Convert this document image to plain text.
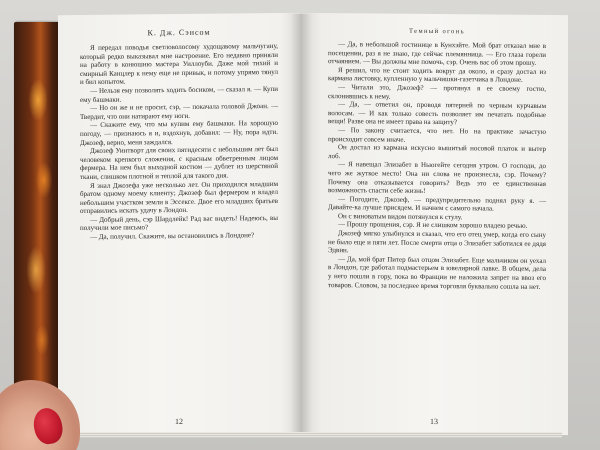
К. Дж. Сэнсом

Я передал поводья светловолосому худощавому мальчугану, который редко выказывал мне настроение. Его недавно приняли на работу в конюшню мастера Уиллоуби. Даже мой тихий и смирный Канцлер к нему еще не привык, и потому упрямо тянул и бил копытом.

— Нельзя ему позволять ходить босиком, — сказал я. — Купи ему башмаки.

— Но он же и не просит, сэр, — покачала головой Джоан. — Твердит, что они натирают ему ноги.

— Скажите ему, что мы купим ему башмаки. На хорошую погоду, — признаюсь я и, вздохнув, добавил: — Ну, пора идти. Джозеф, верно, меня заждался.

Джозеф Уинтворт для своих пятидесяти с небольшим лет был человеком крепкого сложения, с красным обветренным лицом фермера. На нем был выходной костюм — дублет из шерстяной ткани, слишком плотной и теплой для такого дня.

Я знал Джозефа уже несколько лет. Он приходился младшим братом одному моему клиенту; Джозеф был фермером и владел небольшим участком земли в Эссексе. Двое его младших братьев отправились искать удачу в Лондон.

— Добрый день, сэр Шардлейк! Рад вас видеть! Надеюсь, вы получили мое письмо?

— Да, получил. Скажите, вы остановились в Лондоне?

12
Темный огонь

— Да, в небольшой гостинице в Кунхэйте. Мой брат отказал мне в посещении, раз я не знаю, где сейчас племянница. — Его глаза горели отчаянием. — Вы должны мне помочь, сэр. Очень вас об этом прошу.

Я решил, что не стоит ходить вокруг да около, и сразу достал из кармана листовку, купленную у мальчишки-газетчика в Лондоне.

— Читали это, Джозеф? — протянул я ее своему гостю, склонившись к нему.

— Да, — ответил он, проводя пятерней по черным курчавым волосам. — И как только совесть позволяет им печатать подобные вещи! Разве она не имеет права на защиту?

— По закону считается, что нет. Но на практике зачастую происходит совсем иначе.

Он достал из кармана искусно вышитый носовой платок и вытер лоб.

— Я навещал Элизабет в Ньюгейте сегодня утром. О господи, до чего же жуткое место! Она ни слова не произнесла, сэр. Почему? Почему она отказывается говорить? Ведь это ее единственная возможность спасти себе жизнь!

— Погодите, Джозеф, — предупредительно поднял руку я. — Давайте-ка лучше присядем. И начнем с самого начала.

Он с виноватым видом потянулся к стулу.

— Прошу прощения, сэр. Я не слишком хорошо владею речью.

Джозеф мягко улыбнулся и сказал, что его отец умер, когда его сыну не было еще и пяти лет. После смерти отца о Элизабет заботился ее дядя Эдвин.

— Да, мой брат Питер был отцом Элизабет. Еще мальчиком он уехал в Лондон, где работал подмастерьем в ювелирной лавке. В общем, дела у него пошли в гору, пока во Франции не наложила запрет на ввоз его товаров. Словом, за последнее время торговля буквально сошла на нет.

13
